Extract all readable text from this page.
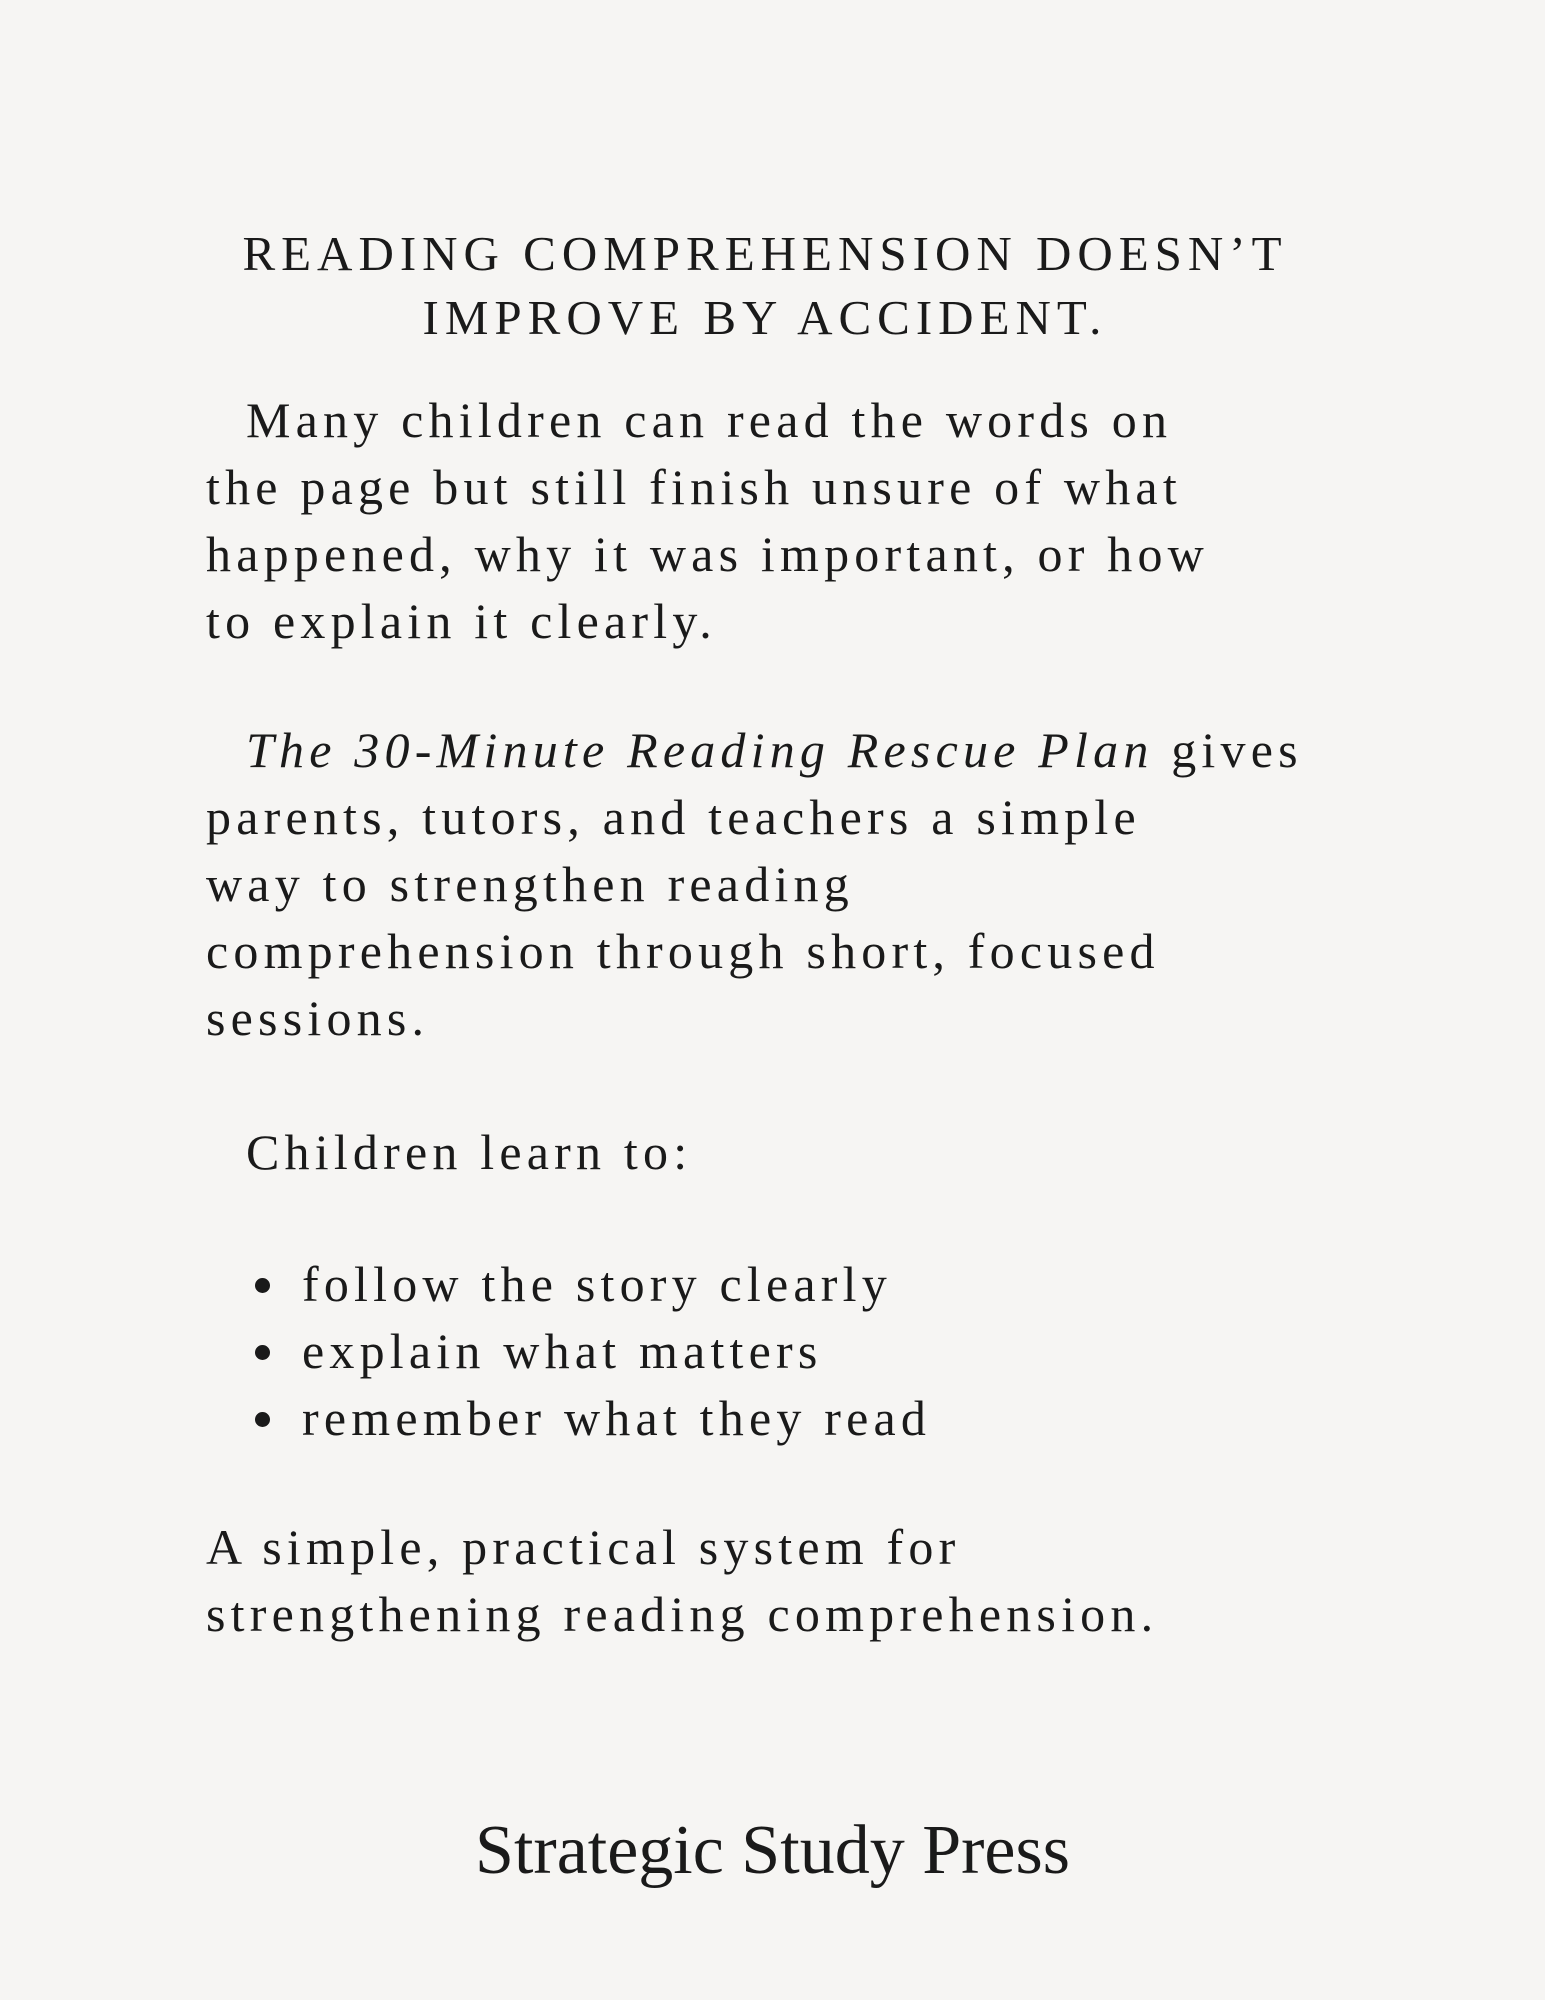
READING COMPREHENSION DOESN’T
IMPROVE BY ACCIDENT.

Many children can read the words on
the page but still finish unsure of what
happened, why it was important, or how
to explain it clearly.

The 30-Minute Reading Rescue Plan gives
parents, tutors, and teachers a simple
way to strengthen reading
comprehension through short, focused
sessions.

Children learn to:

follow the story clearly
explain what matters
remember what they read

A simple, practical system for
strengthening reading comprehension.

Strategic Study Press
